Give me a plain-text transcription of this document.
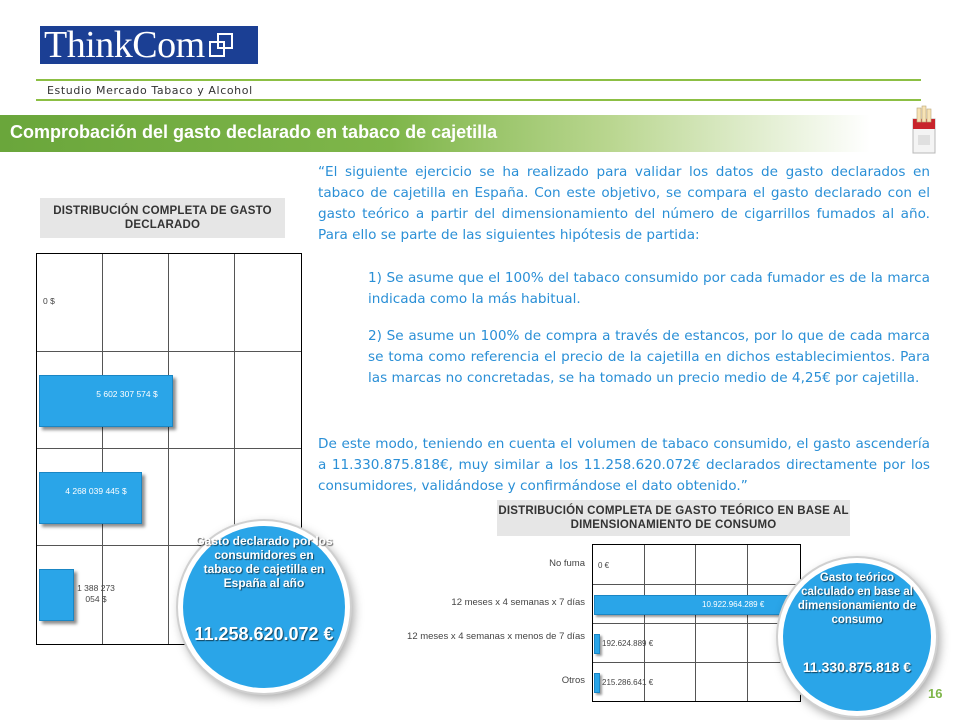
ThinkCom
Estudio Mercado Tabaco y Alcohol
Comprobación del gasto declarado en tabaco de cajetilla
“El siguiente ejercicio se ha realizado para validar los datos de gasto declarados en tabaco de cajetilla en España. Con este objetivo, se compara el gasto declarado con el gasto teórico a partir del dimensionamiento del número de cigarrillos fumados al año. Para ello se parte de las siguientes hipótesis de partida:
1) Se asume que el 100% del tabaco consumido por cada fumador es de la marca indicada como la más habitual.
2) Se asume un 100% de compra a través de estancos, por lo que de cada marca se toma como referencia el precio de la cajetilla en dichos establecimientos. Para las marcas no concretadas, se ha tomado un precio medio de 4,25€ por cajetilla.
De este modo, teniendo en cuenta el volumen de tabaco consumido, el gasto ascendería a 11.330.875.818€, muy similar a los 11.258.620.072€ declarados directamente por los consumidores, validándose y confirmándose el dato obtenido.”
DISTRIBUCIÓN COMPLETA DE GASTO DECLARADO
0 $
5 602 307 574 $
4 268 039 445 $
1 388 273 054 $
DISTRIBUCIÓN COMPLETA DE GASTO TEÓRICO EN BASE AL DIMENSIONAMIENTO DE CONSUMO
No fuma
12 meses x 4 semanas x 7 días
12 meses x 4 semanas x menos de 7 días
Otros
0 €
10.922.964.289 €
192.624.889 €
215.286.641 €
Gasto declarado por los consumidores en tabaco de cajetilla en España al año
11.258.620.072 €
Gasto teórico calculado en base al dimensionamiento de consumo
11.330.875.818 €
16
